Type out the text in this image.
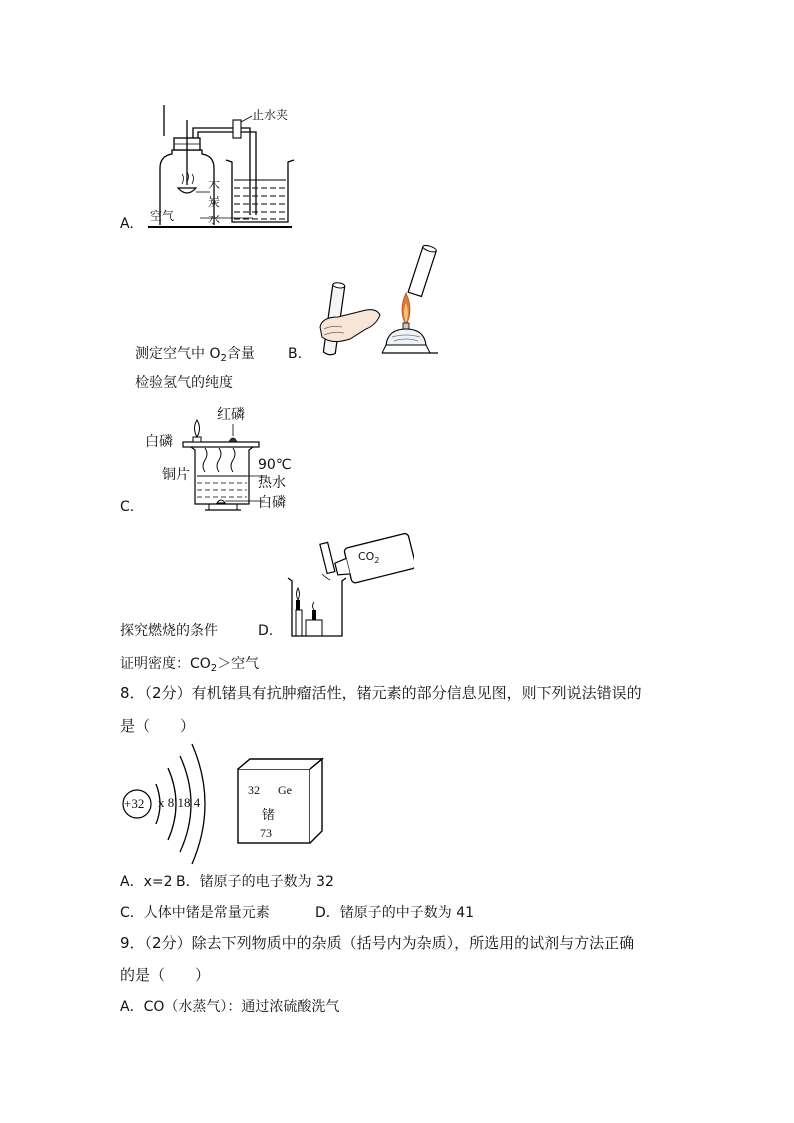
止水夹
木
炭
水
空气
A.
测定空气中 $O_2$含量 B.
检验氢气的纯度
红磷
白磷
铜片
90℃
热水
白磷
C.
$CO_2$
探究燃烧的条件	D.
证明密度：$CO_2>$空气
8．（2分）有机锗具有抗肿瘤活性，锗元素的部分信息见图，则下列说法错误的
是（　　）
+32 x 8 18 4
32 Ge
锗
73
A．x=2 B．锗原子的电子数为 32
C．人体中锗是常量元素	D．锗原子的中子数为 41
9．（2分）除去下列物质中的杂质（括号内为杂质），所选用的试剂与方法正确
的是（　　）
A．CO（水蒸气）：通过浓硫酸洗气
